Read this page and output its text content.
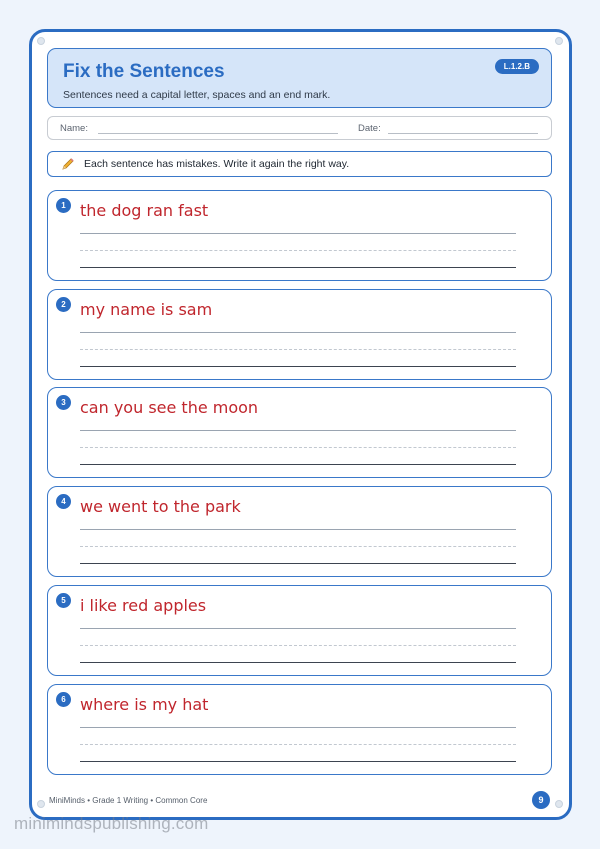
Fix the Sentences
Sentences need a capital letter, spaces and an end mark.
L.1.2.B
Name:	Date:
Each sentence has mistakes. Write it again the right way.
1 the dog ran fast
2 my name is sam
3 can you see the moon
4 we went to the park
5 i like red apples
6 where is my hat
MiniMinds • Grade 1 Writing • Common Core	9
minimindspublishing.com
